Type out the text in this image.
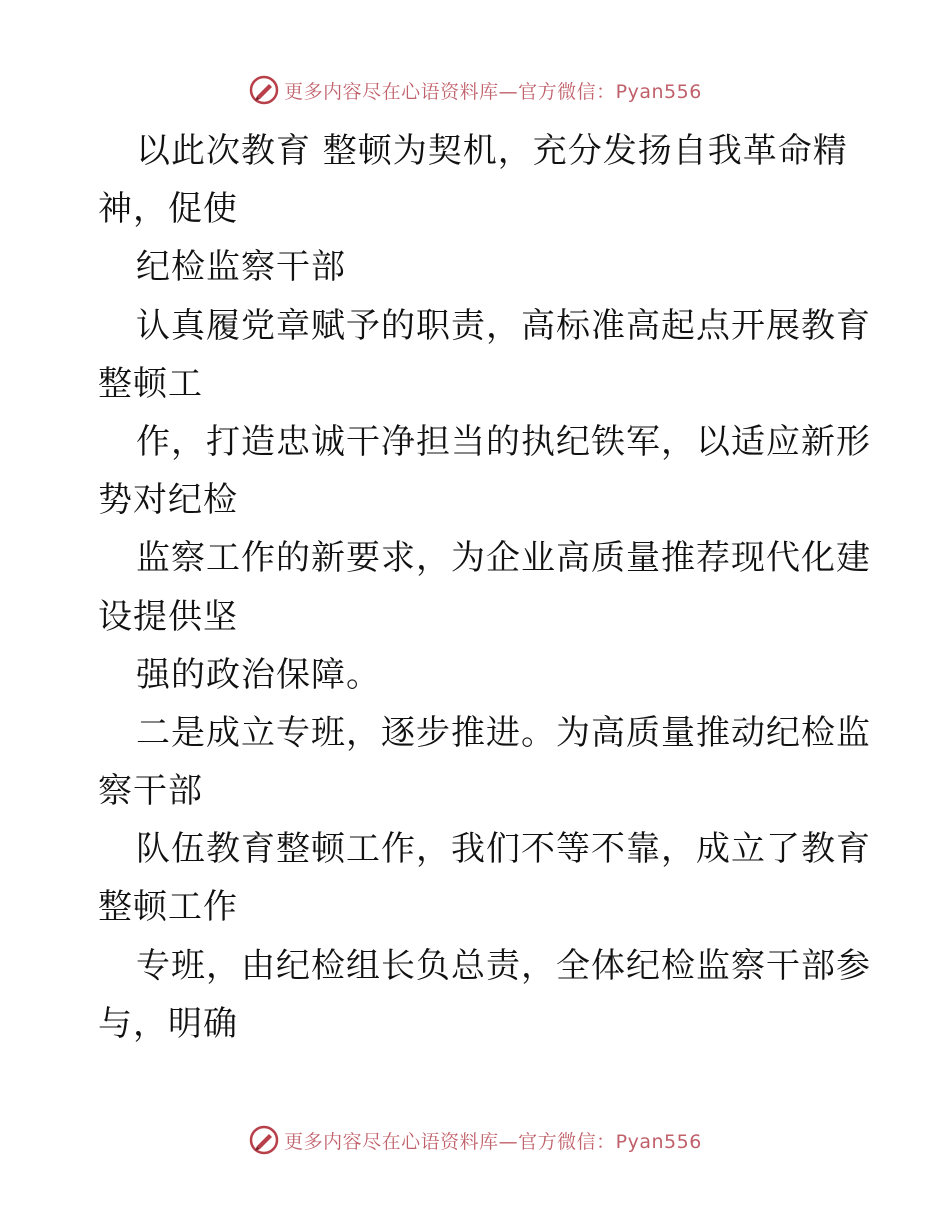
更多内容尽在心语资料库—官方微信：Pyan556
以此次教育 整顿为契机，充分发扬自我革命精
神，促使
纪检监察干部
认真履党章赋予的职责，高标准高起点开展教育
整顿工
作，打造忠诚干净担当的执纪铁军，以适应新形
势对纪检
监察工作的新要求，为企业高质量推荐现代化建
设提供坚
强的政治保障。
二是成立专班，逐步推进。为高质量推动纪检监
察干部
队伍教育整顿工作，我们不等不靠，成立了教育
整顿工作
专班，由纪检组长负总责，全体纪检监察干部参
与，明确
更多内容尽在心语资料库—官方微信：Pyan556
